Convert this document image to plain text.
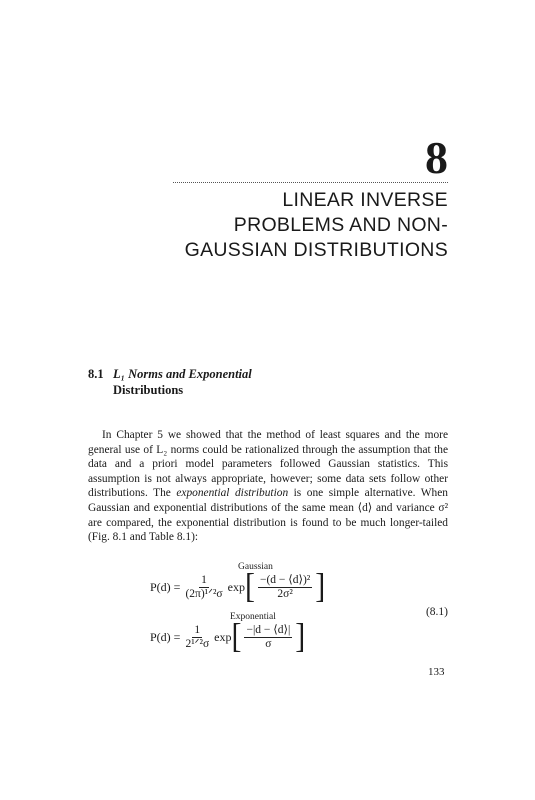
8
LINEAR INVERSE
PROBLEMS AND NON-
GAUSSIAN DISTRIBUTIONS
8.1 L₁ Norms and Exponential
Distributions

In Chapter 5 we showed that the method of least squares and the more general use of L₂ norms could be rationalized through the assumption that the data and a priori model parameters followed Gaussian statistics. This assumption is not always appropriate, however; some data sets follow other distributions. The exponential distribution is one simple alternative. When Gaussian and exponential distributions of the same mean ⟨d⟩ and variance σ² are compared, the exponential distribution is found to be much longer-tailed (Fig. 8.1 and Table 8.1):

Gaussian
$P(d) = \frac{1}{\text{(2π)¹ᐟ²σ}}$ exp [ $\frac{\text{−(d − ⟨d⟩)²}}{\text{2σ²}}$ ]
Exponential
$P(d) = \frac{1}{\text{2¹ᐟ²σ}}$ exp [ $\frac{-|d - ⟨d⟩|}{\sigma}$ ]
(8.1)
133
